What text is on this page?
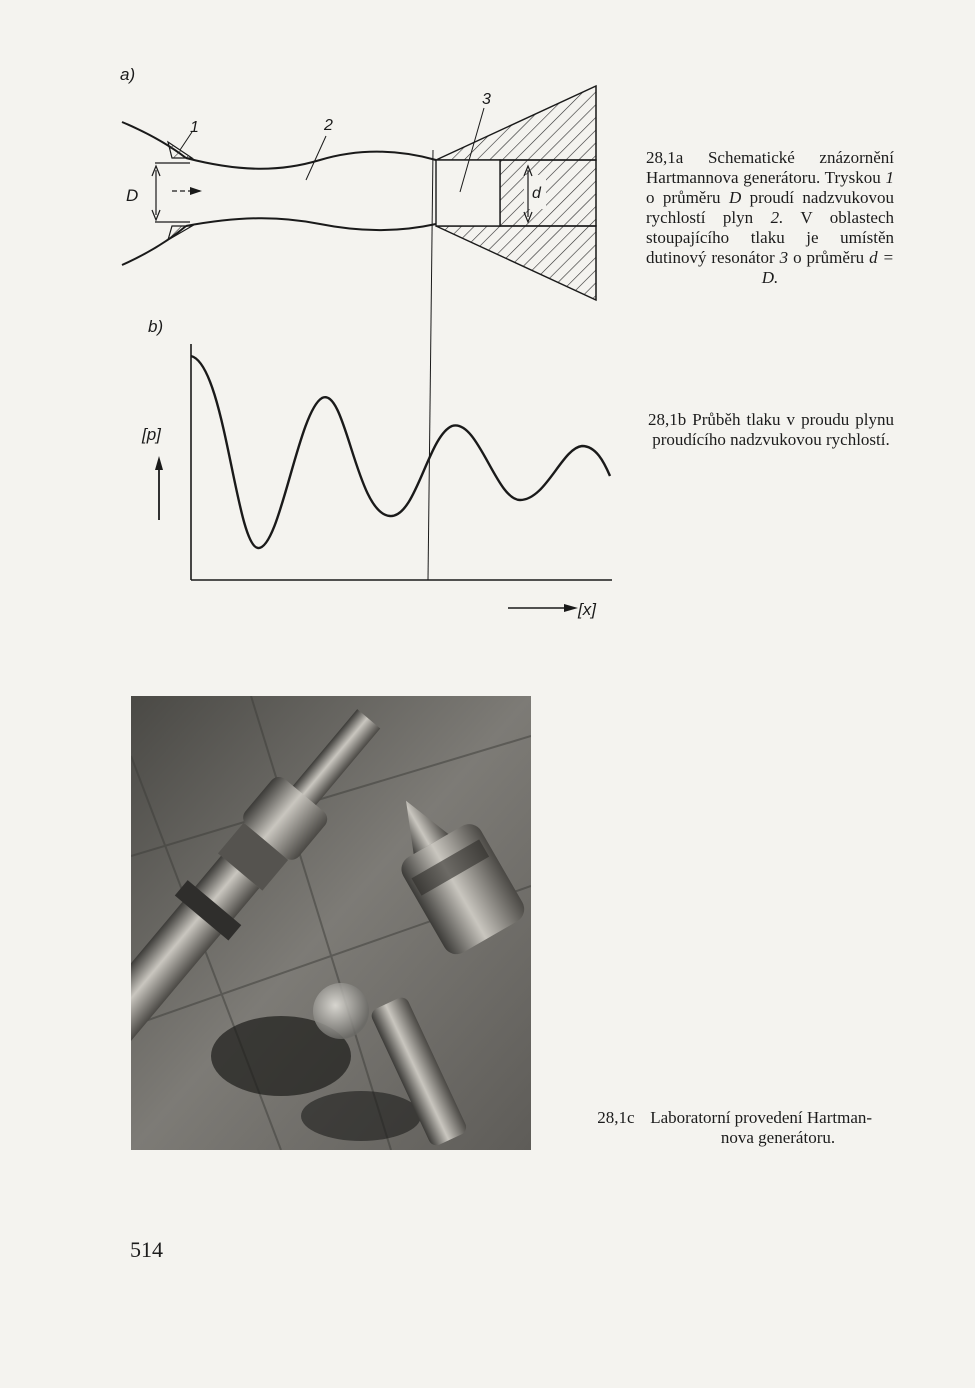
a)
D	d
1	2
3
b)
[p]
[x]
28,1a Schematické znázornění Hartmannova generátoru. Tryskou 1 o průměru D proudí nadzvukovou rychlostí plyn 2. V oblastech stoupajícího tlaku je umístěn dutinový resonátor 3 o průměru d = D.
28,1b Průběh tlaku v proudu plynu proudícího nadzvukovou rychlostí.
28,1c Laboratorní provedení Hartman-
nova generátoru.
514
